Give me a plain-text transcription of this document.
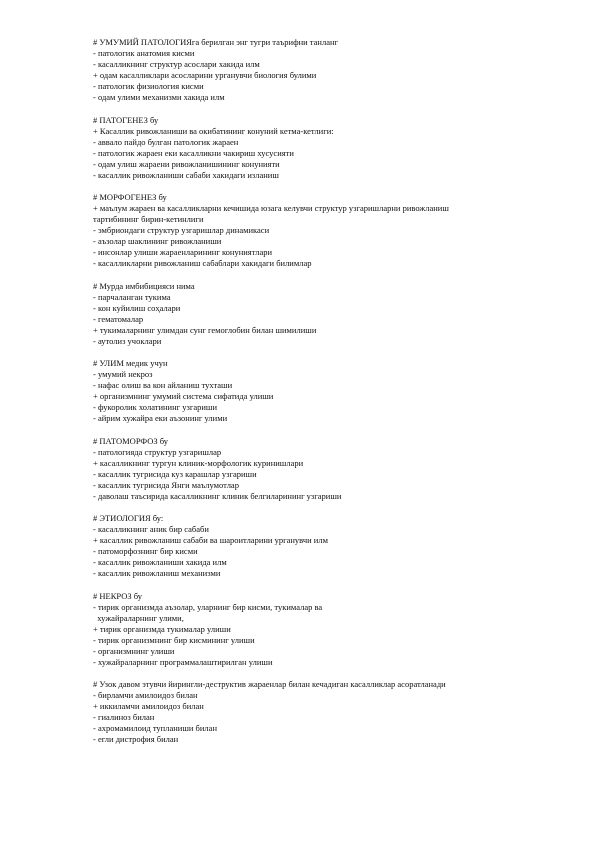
# УМУМИЙ ПАТОЛОГИЯга берилган энг тугри таърифни танланг
- патологик анатомия кисми
- касалликнинг структур асослари хакида илм
+ одам касалликлари асосларини урганувчи биология булими
- патологик физиология кисми
- одам улими механизми хакида илм
# ПАТОГЕНЕЗ бу
+ Касаллик ривожланиши ва окибатининг конуний кетма-кетлиги:
- аввало пайдо булган патологик жараен
- патологик жараен еки касалликни чакириш хусусияти
- одам улиш жараени ривожланишининг конунияти
- касаллик ривожланиши сабаби хакидаги изланиш
# МОРФОГЕНЕЗ бу
+ маълум жараен ва касалликларни кечишида юзага келувчи структур узгаришларни ривожланиш
тартибининг бирин-кетинлиги
- эмбриондаги структур узгаришлар динамикаси
- аъзолар шаклининг ривожланиши
- инсонлар улиши жараенларининг конуниятлари
- касалликларни ривожланиш сабаблари хакидаги билимлар
# Мурда имбибицияси нима
- парчаланган тукима
- кон куйилиш соҳалари
- гематомалар
+ тукималарнинг улимдан сунг гемоглобин билан шимилиши
- аутолиз учоклари
# УЛИМ медик учун
- умумий некроз
- нафас олиш ва кон айланиш тухташи
+ организмнинг умумий система сифатида улиши
- фукоролик холатининг узгариши
- айрим хужайра еки аъзонинг улими
# ПАТОМОРФОЗ бу
- патологияда структур узгаришлар
+ касалликнинг тургун клиник-морфологик куринишлари
- касаллик тугрисида куз карашлар узгариши
- касаллик тугрисида Янги маълумотлар
- даволаш таъсирида касалликнинг клиник белгиларининг узгариши
# ЭТИОЛОГИЯ бу:
- касалликнинг аник бир сабаби
+ касаллик ривожланиш сабаби ва шароитларини урганувчи илм
- патоморфознинг бир кисми
- касаллик ривожланиши хакида илм
- касаллик ривожланиш механизми
# НЕКРОЗ бу
- тирик организмда аъзолар, уларнинг бир кисми, тукималар ва
хужайраларнинг улими,
+ тирик организмда тукималар улиши
- тирик организмнинг бир кисмининг улиши
- организмнинг улиши
- хужайраларнинг программалаштирилган улиши
# Узок давом этувчи йирингли-деструктив жараенлар билан кечадиган касалликлар асоратланади
- бирламчи амилоидоз билан
+ иккиламчи амилоидоз билан
- гиалиноз билан
- ахромамилоид тупланиши билан
- егли дистрофия билан
